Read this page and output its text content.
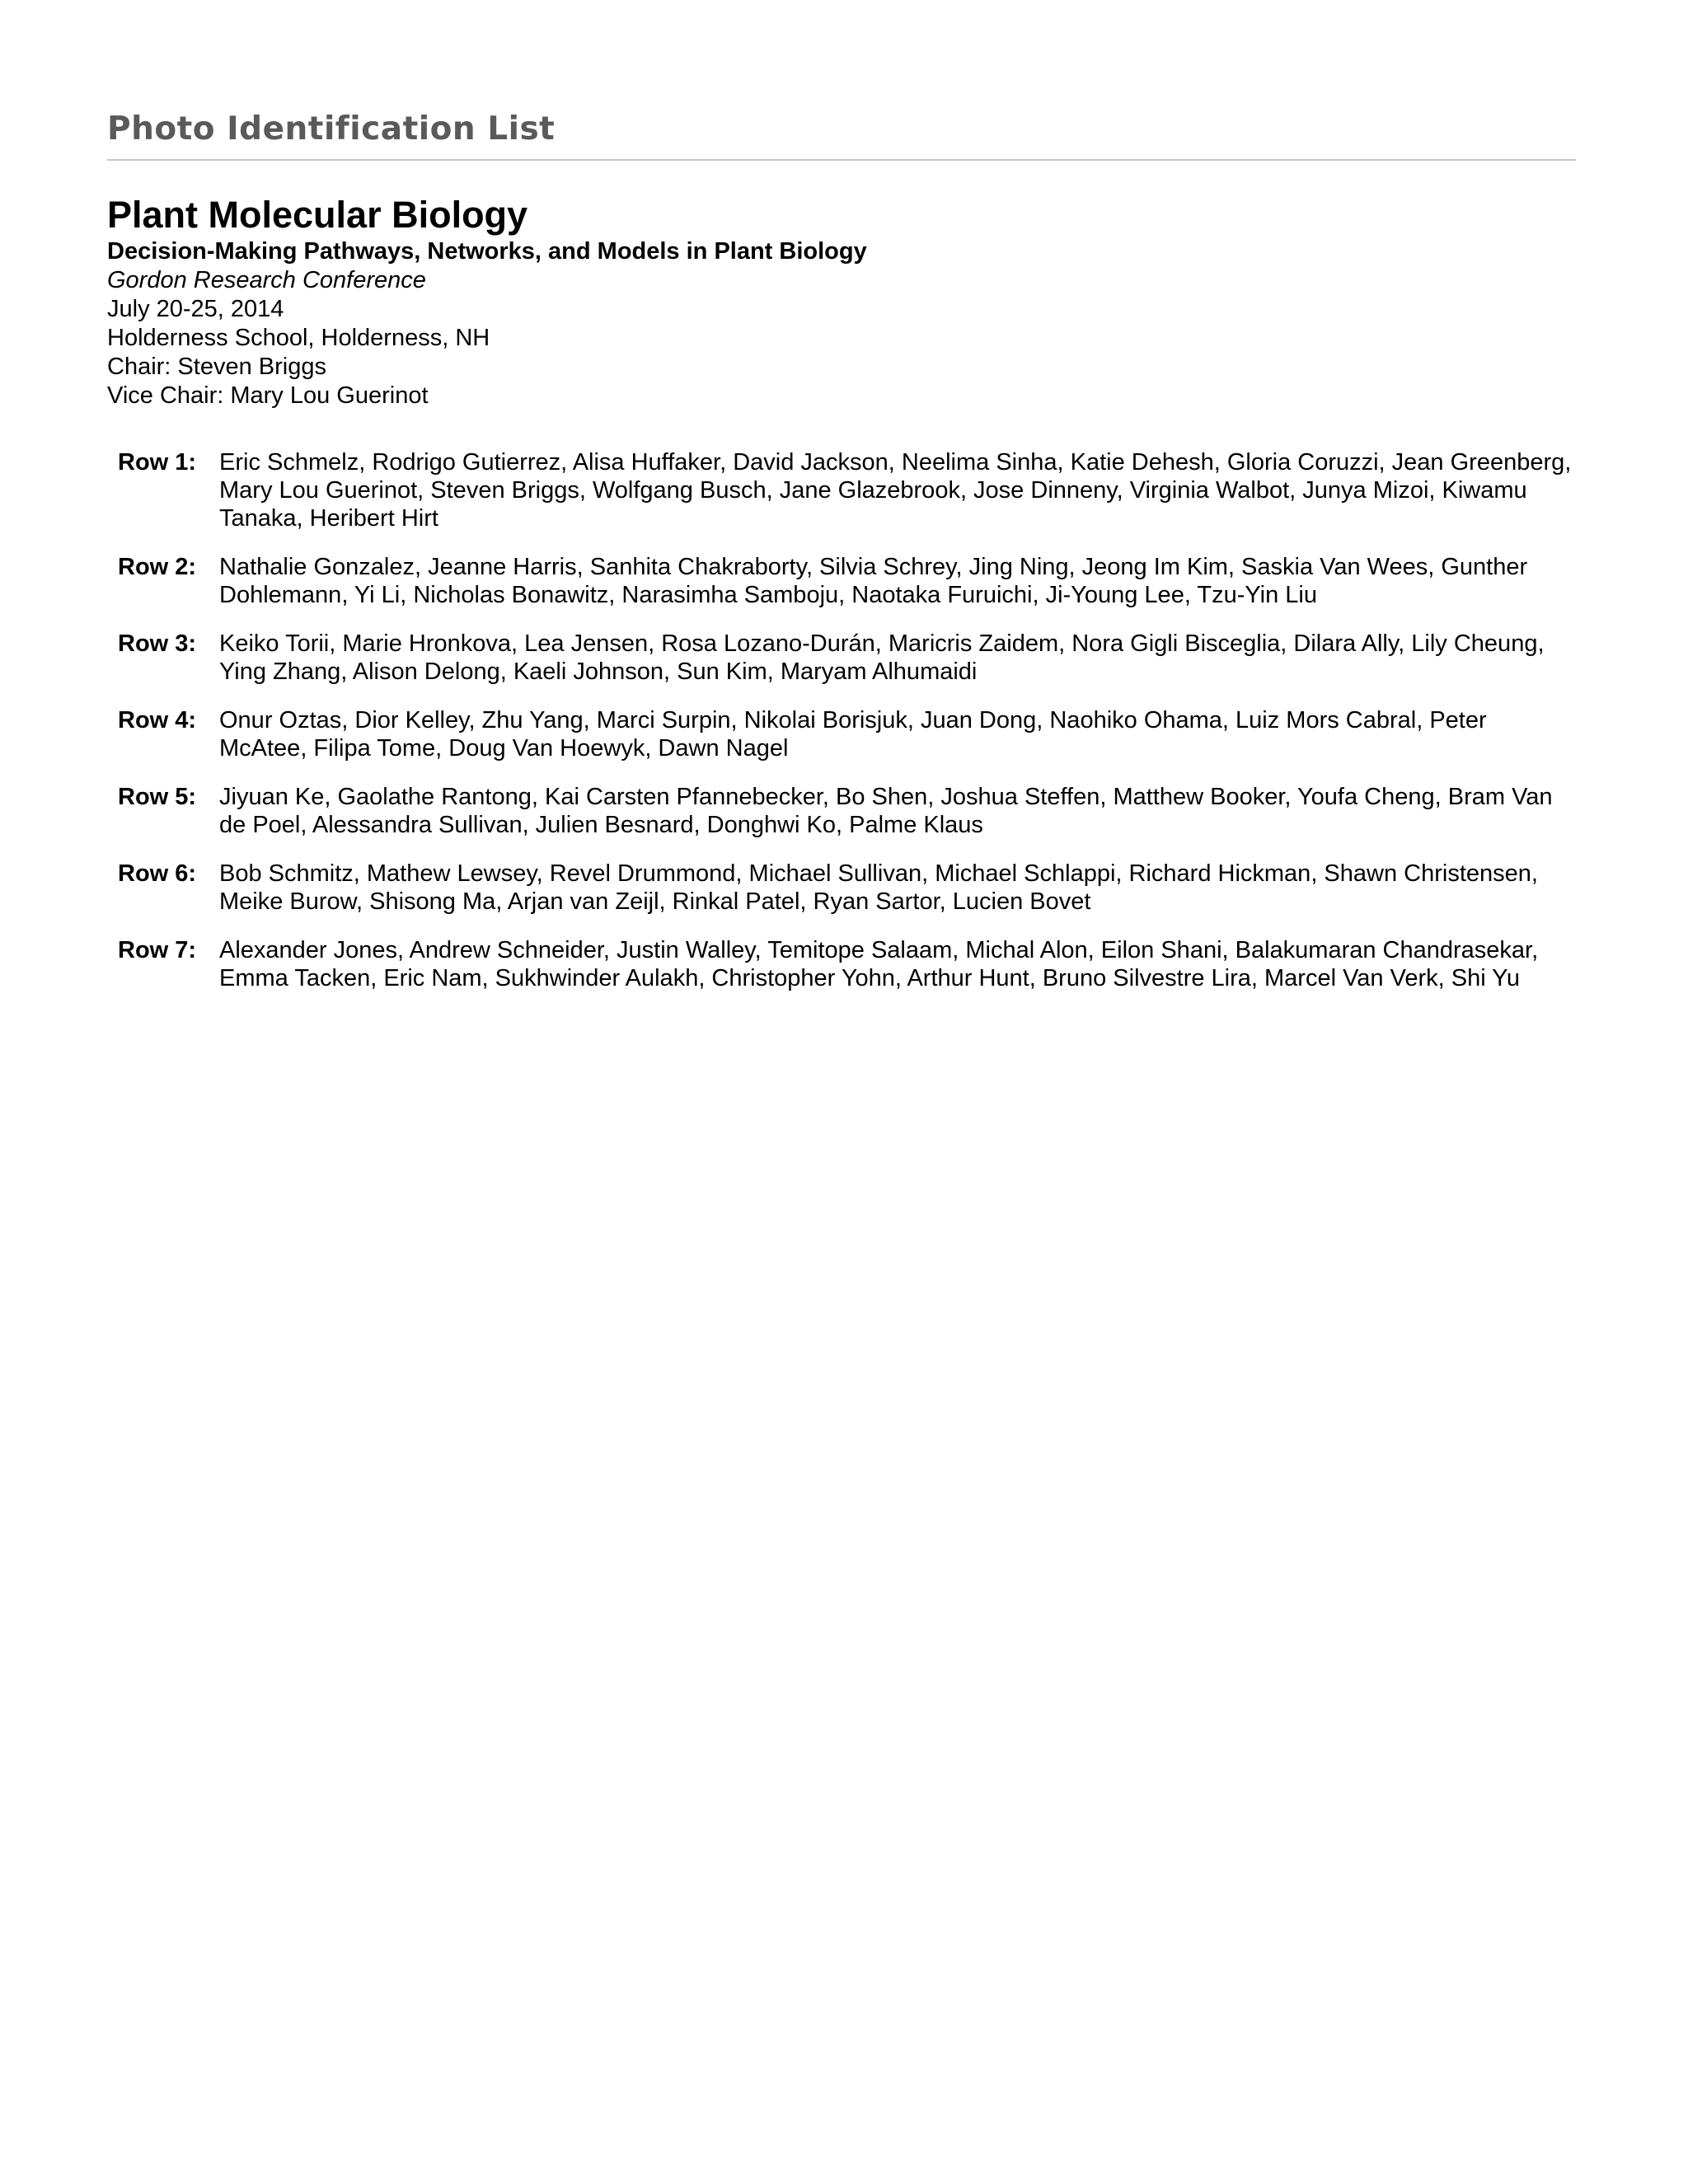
Photo Identification List
Plant Molecular Biology
Decision-Making Pathways, Networks, and Models in Plant Biology
Gordon Research Conference
July 20-25, 2014
Holderness School, Holderness, NH
Chair: Steven Briggs
Vice Chair: Mary Lou Guerinot
Row 1: Eric Schmelz, Rodrigo Gutierrez, Alisa Huffaker, David Jackson, Neelima Sinha, Katie Dehesh, Gloria Coruzzi, Jean Greenberg, Mary Lou Guerinot, Steven Briggs, Wolfgang Busch, Jane Glazebrook, Jose Dinneny, Virginia Walbot, Junya Mizoi, Kiwamu Tanaka, Heribert Hirt
Row 2: Nathalie Gonzalez, Jeanne Harris, Sanhita Chakraborty, Silvia Schrey, Jing Ning, Jeong Im Kim, Saskia Van Wees, Gunther Dohlemann, Yi Li, Nicholas Bonawitz, Narasimha Samboju, Naotaka Furuichi, Ji-Young Lee, Tzu-Yin Liu
Row 3: Keiko Torii, Marie Hronkova, Lea Jensen, Rosa Lozano-Durán, Maricris Zaidem, Nora Gigli Bisceglia, Dilara Ally, Lily Cheung, Ying Zhang, Alison Delong, Kaeli Johnson, Sun Kim, Maryam Alhumaidi
Row 4: Onur Oztas, Dior Kelley, Zhu Yang, Marci Surpin, Nikolai Borisjuk, Juan Dong, Naohiko Ohama, Luiz Mors Cabral, Peter McAtee, Filipa Tome, Doug Van Hoewyk, Dawn Nagel
Row 5: Jiyuan Ke, Gaolathe Rantong, Kai Carsten Pfannebecker, Bo Shen, Joshua Steffen, Matthew Booker, Youfa Cheng, Bram Van de Poel, Alessandra Sullivan, Julien Besnard, Donghwi Ko, Palme Klaus
Row 6: Bob Schmitz, Mathew Lewsey, Revel Drummond, Michael Sullivan, Michael Schlappi, Richard Hickman, Shawn Christensen, Meike Burow, Shisong Ma, Arjan van Zeijl, Rinkal Patel, Ryan Sartor, Lucien Bovet
Row 7: Alexander Jones, Andrew Schneider, Justin Walley, Temitope Salaam, Michal Alon, Eilon Shani, Balakumaran Chandrasekar, Emma Tacken, Eric Nam, Sukhwinder Aulakh, Christopher Yohn, Arthur Hunt, Bruno Silvestre Lira, Marcel Van Verk, Shi Yu
